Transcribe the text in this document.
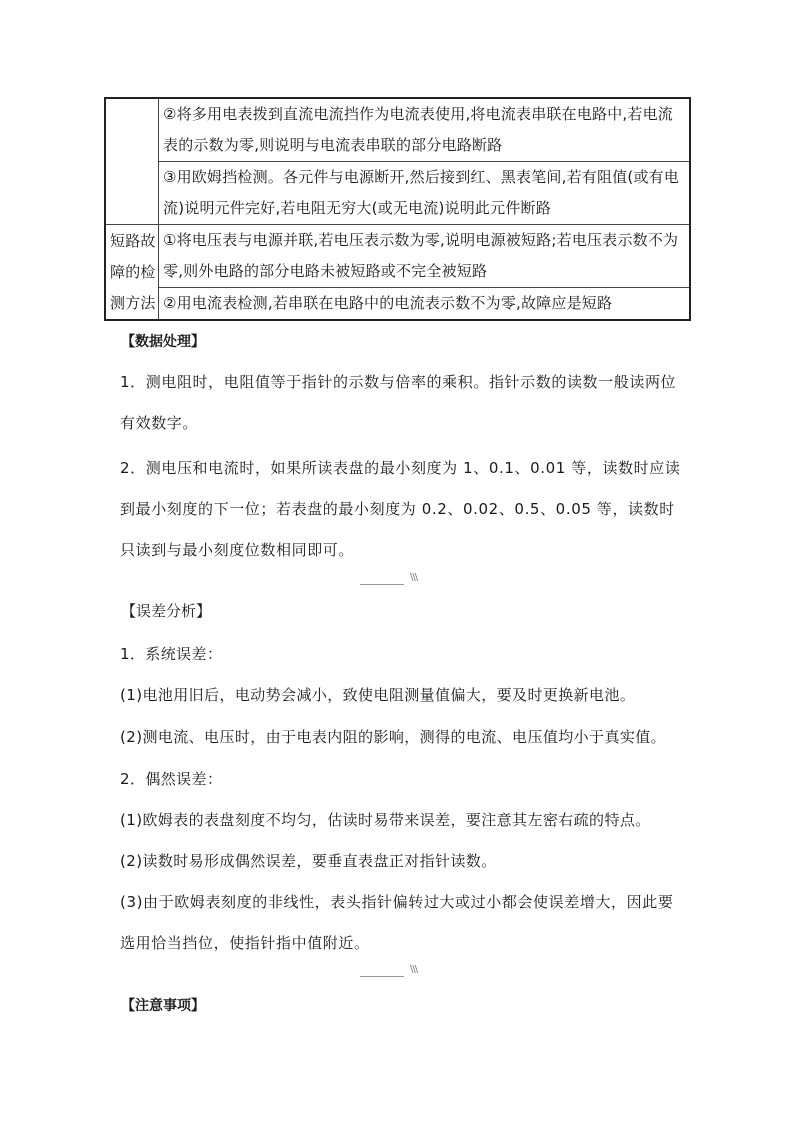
	②将多用电表拨到直流电流挡作为电流表使用,将电流表串联在电路中,若电流表的示数为零,则说明与电流表串联的部分电路断路
	③用欧姆挡检测。各元件与电源断开,然后接到红、黑表笔间,若有阻值(或有电流)说明元件完好,若电阻无穷大(或无电流)说明此元件断路

短路故
障的检
测方法	①将电压表与电源并联,若电压表示数为零,说明电源被短路;若电压表示数不为零,则外电路的部分电路未被短路或不完全被短路
	②用电流表检测,若串联在电路中的电流表示数不为零,故障应是短路
【数据处理】
1．测电阻时，电阻值等于指针的示数与倍率的乘积。指针示数的读数一般读两位有效数字。
2．测电压和电流时，如果所读表盘的最小刻度为 1、0.1、0.01 等，读数时应读到最小刻度的下一位；若表盘的最小刻度为 0.2、0.02、0.5、0.05 等，读数时只读到与最小刻度位数相同即可。
\\\
【误差分析】
1．系统误差：
(1)电池用旧后，电动势会减小，致使电阻测量值偏大，要及时更换新电池。
(2)测电流、电压时，由于电表内阻的影响，测得的电流、电压值均小于真实值。
2．偶然误差：
(1)欧姆表的表盘刻度不均匀，估读时易带来误差，要注意其左密右疏的特点。
(2)读数时易形成偶然误差，要垂直表盘正对指针读数。
(3)由于欧姆表刻度的非线性，表头指针偏转过大或过小都会使误差增大，因此要选用恰当挡位，使指针指中值附近。
\\\
【注意事项】
